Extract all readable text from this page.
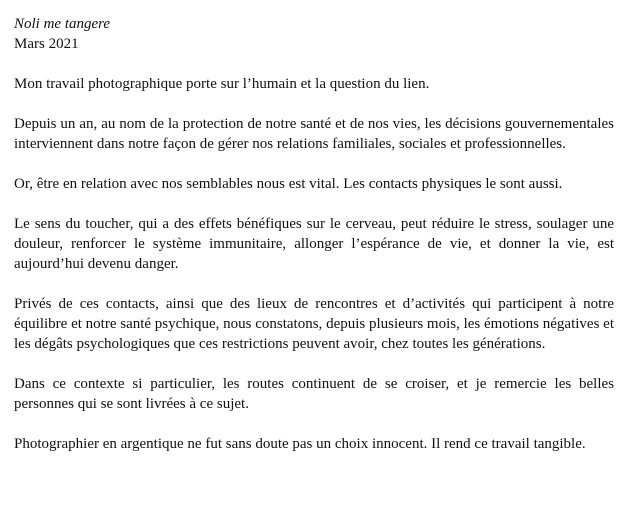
Noli me tangere

Mars 2021

Mon travail photographique porte sur l’humain et la question du lien.

Depuis un an, au nom de la protection de notre santé et de nos vies, les décisions gouvernementales interviennent dans notre façon de gérer nos relations familiales, sociales et professionnelles.

Or, être en relation avec nos semblables nous est vital. Les contacts physiques le sont aussi.

Le sens du toucher, qui a des effets bénéfiques sur le cerveau, peut réduire le stress, soulager une douleur, renforcer le système immunitaire, allonger l’espérance de vie, et donner la vie, est aujourd’hui devenu danger.

Privés de ces contacts, ainsi que des lieux de rencontres et d’activités qui participent à notre équilibre et notre santé psychique, nous constatons, depuis plusieurs mois, les émotions négatives et les dégâts psychologiques que ces restrictions peuvent avoir, chez toutes les générations.

Dans ce contexte si particulier, les routes continuent de se croiser, et je remercie les belles personnes qui se sont livrées à ce sujet.

Photographier en argentique ne fut sans doute pas un choix innocent. Il rend ce travail tangible.
